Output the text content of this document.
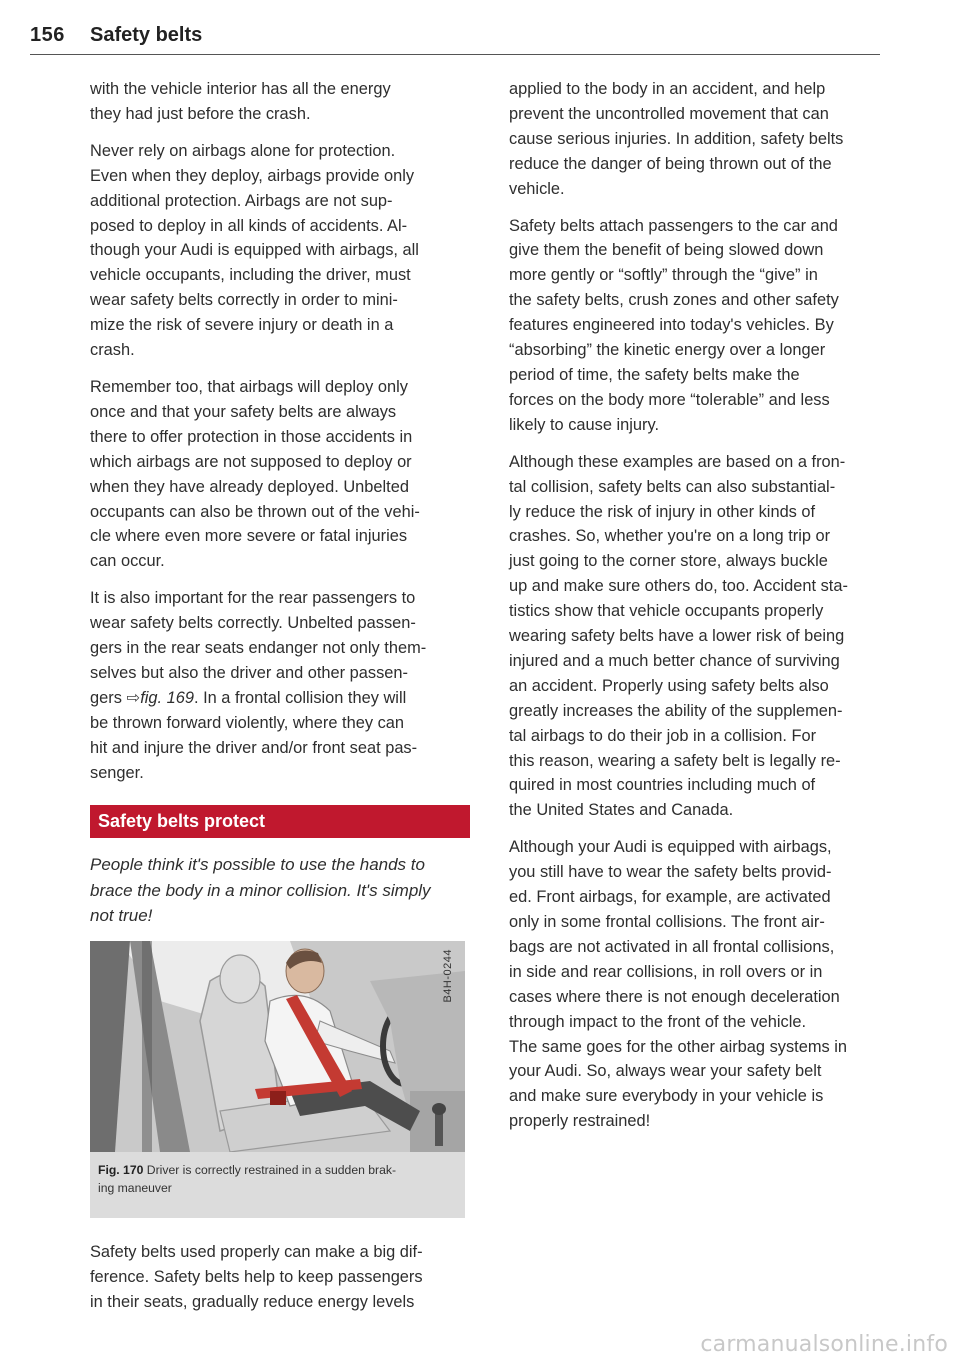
156 Safety belts

with the vehicle interior has all the energy
they had just before the crash.

Never rely on airbags alone for protection.
Even when they deploy, airbags provide only
additional protection. Airbags are not sup-
posed to deploy in all kinds of accidents. Al-
though your Audi is equipped with airbags, all
vehicle occupants, including the driver, must
wear safety belts correctly in order to mini-
mize the risk of severe injury or death in a
crash.

Remember too, that airbags will deploy only
once and that your safety belts are always
there to offer protection in those accidents in
which airbags are not supposed to deploy or
when they have already deployed. Unbelted
occupants can also be thrown out of the vehi-
cle where even more severe or fatal injuries
can occur.

It is also important for the rear passengers to
wear safety belts correctly. Unbelted passen-
gers in the rear seats endanger not only them-
selves but also the driver and other passen-
gers ⇨fig. 169. In a frontal collision they will
be thrown forward violently, where they can
hit and injure the driver and/or front seat pas-
senger.

Safety belts protect

People think it's possible to use the hands to
brace the body in a minor collision. It's simply
not true!

B4H-0244
Fig. 170 Driver is correctly restrained in a sudden brak-
ing maneuver

Safety belts used properly can make a big dif-
ference. Safety belts help to keep passengers
in their seats, gradually reduce energy levels

applied to the body in an accident, and help
prevent the uncontrolled movement that can
cause serious injuries. In addition, safety belts
reduce the danger of being thrown out of the
vehicle.

Safety belts attach passengers to the car and
give them the benefit of being slowed down
more gently or “softly” through the “give” in
the safety belts, crush zones and other safety
features engineered into today's vehicles. By
“absorbing” the kinetic energy over a longer
period of time, the safety belts make the
forces on the body more “tolerable” and less
likely to cause injury.

Although these examples are based on a fron-
tal collision, safety belts can also substantial-
ly reduce the risk of injury in other kinds of
crashes. So, whether you're on a long trip or
just going to the corner store, always buckle
up and make sure others do, too. Accident sta-
tistics show that vehicle occupants properly
wearing safety belts have a lower risk of being
injured and a much better chance of surviving
an accident. Properly using safety belts also
greatly increases the ability of the supplemen-
tal airbags to do their job in a collision. For
this reason, wearing a safety belt is legally re-
quired in most countries including much of
the United States and Canada.

Although your Audi is equipped with airbags,
you still have to wear the safety belts provid-
ed. Front airbags, for example, are activated
only in some frontal collisions. The front air-
bags are not activated in all frontal collisions,
in side and rear collisions, in roll overs or in
cases where there is not enough deceleration
through impact to the front of the vehicle.
The same goes for the other airbag systems in
your Audi. So, always wear your safety belt
and make sure everybody in your vehicle is
properly restrained!

carmanualsonline.info
